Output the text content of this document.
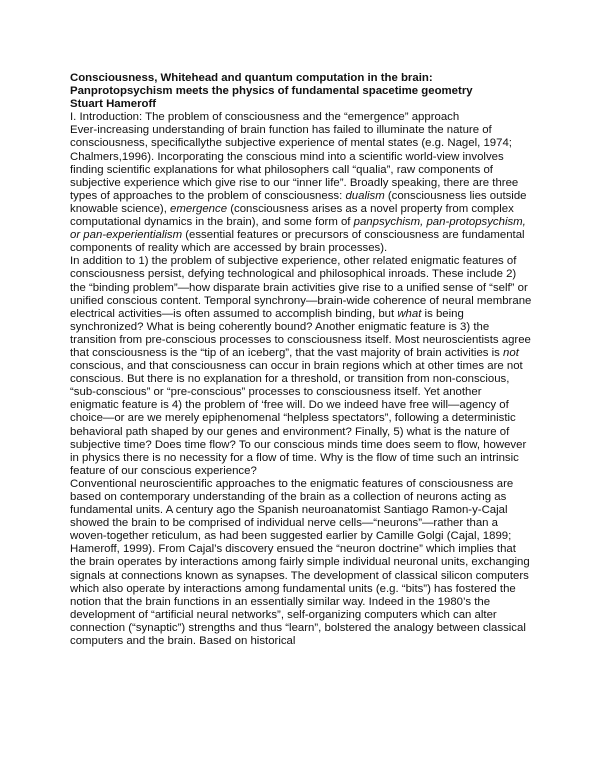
Consciousness, Whitehead and quantum computation in the brain:
Panprotopsychism meets the physics of fundamental spacetime geometry
Stuart Hameroff
I. Introduction: The problem of consciousness and the “emergence” approach

Ever-increasing understanding of brain function has failed to illuminate the nature of consciousness, specificallythe subjective experience of mental states (e.g. Nagel, 1974; Chalmers,1996). Incorporating the conscious mind into a scientific world-view involves finding scientific explanations for what philosophers call “qualia”, raw components of subjective experience which give rise to our “inner life”. Broadly speaking, there are three types of approaches to the problem of consciousness: dualism (consciousness lies outside knowable science), emergence (consciousness arises as a novel property from complex computational dynamics in the brain), and some form of panpsychism, pan-protopsychism, or pan-experientialism (essential features or precursors of consciousness are fundamental components of reality which are accessed by brain processes).

In addition to 1) the problem of subjective experience, other related enigmatic features of consciousness persist, defying technological and philosophical inroads. These include 2) the “binding problem”—how disparate brain activities give rise to a unified sense of “self” or unified conscious content. Temporal synchrony—brain-wide coherence of neural membrane electrical activities—is often assumed to accomplish binding, but what is being synchronized? What is being coherently bound? Another enigmatic feature is 3) the transition from pre-conscious processes to consciousness itself. Most neuroscientists agree that consciousness is the “tip of an iceberg”, that the vast majority of brain activities is not conscious, and that consciousness can occur in brain regions which at other times are not conscious. But there is no explanation for a threshold, or transition from non-conscious, “sub-conscious” or “pre-conscious” processes to consciousness itself. Yet another enigmatic feature is 4) the problem of ‘free will. Do we indeed have free will—agency of choice—or are we merely epiphenomenal “helpless spectators”, following a deterministic behavioral path shaped by our genes and environment? Finally, 5) what is the nature of subjective time? Does time flow? To our conscious minds time does seem to flow, however in physics there is no necessity for a flow of time. Why is the flow of time such an intrinsic feature of our conscious experience?

Conventional neuroscientific approaches to the enigmatic features of consciousness are based on contemporary understanding of the brain as a collection of neurons acting as fundamental units. A century ago the Spanish neuroanatomist Santiago Ramon-y-Cajal showed the brain to be comprised of individual nerve cells—“neurons”—rather than a woven-together reticulum, as had been suggested earlier by Camille Golgi (Cajal, 1899; Hameroff, 1999). From Cajal’s discovery ensued the “neuron doctrine” which implies that the brain operates by interactions among fairly simple individual neuronal units, exchanging signals at connections known as synapses. The development of classical silicon computers which also operate by interactions among fundamental units (e.g. “bits”) has fostered the notion that the brain functions in an essentially similar way. Indeed in the 1980’s the development of “artificial neural networks”, self-organizing computers which can alter connection (“synaptic”) strengths and thus “learn”, bolstered the analogy between classical computers and the brain. Based on historical
